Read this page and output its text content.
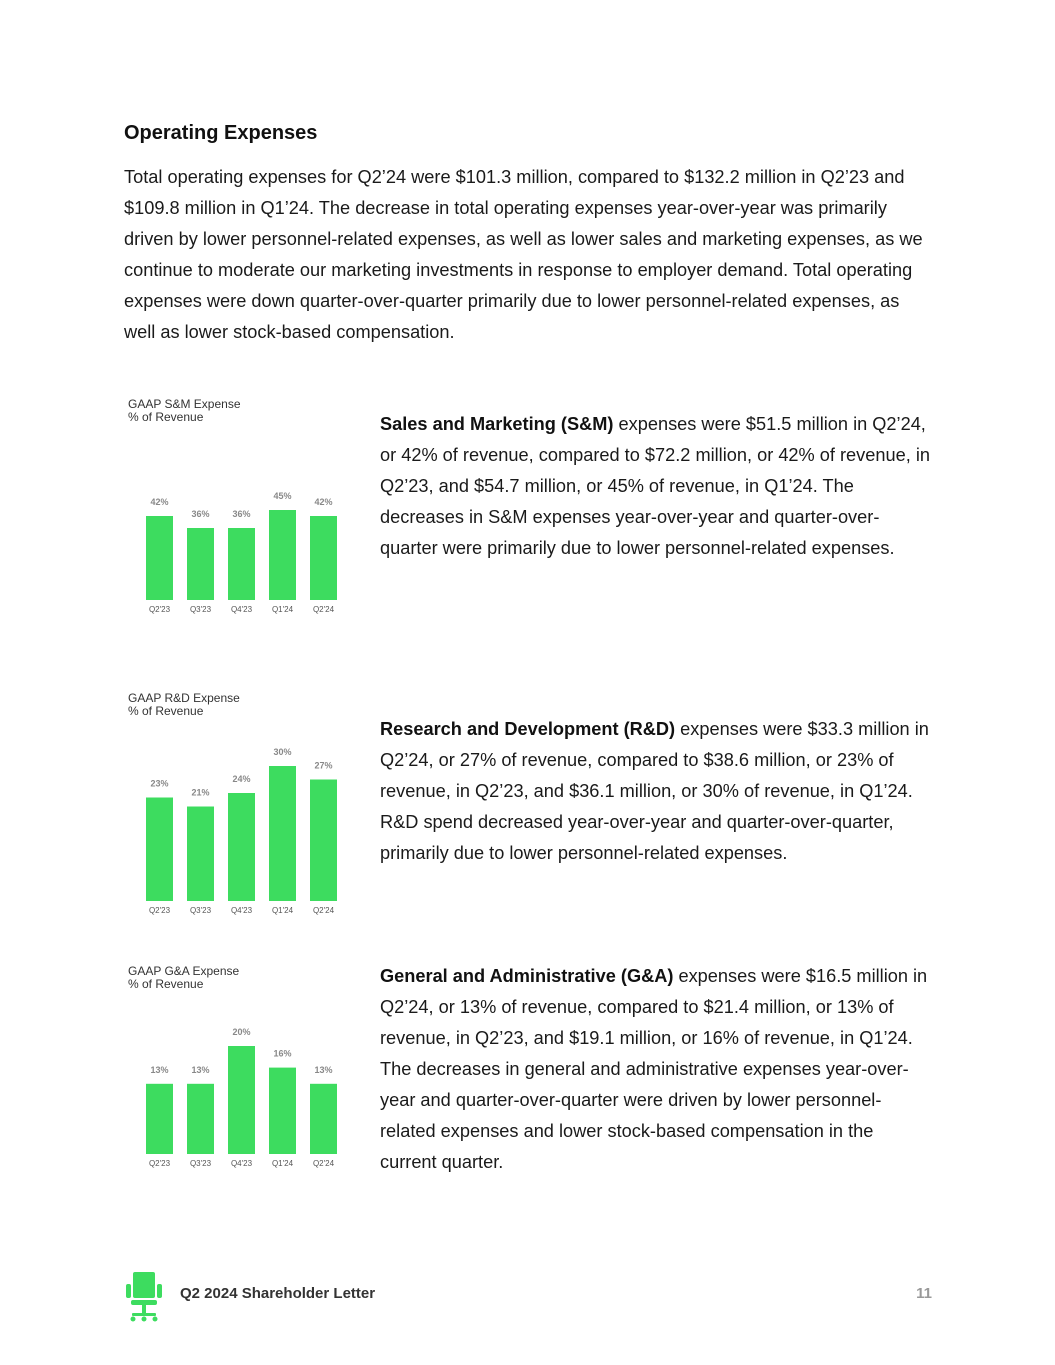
Operating Expenses

Total operating expenses for Q2’24 were $101.3 million, compared to $132.2 million in Q2’23 and $109.8 million in Q1’24. The decrease in total operating expenses year-over-year was primarily driven by lower personnel-related expenses, as well as lower sales and marketing expenses, as we continue to moderate our marketing investments in response to employer demand. Total operating expenses were down quarter-over-quarter primarily due to lower personnel-related expenses, as well as lower stock-based compensation.

GAAP S&M Expense
% of Revenue
42%
Q2'23
36%
Q3'23
36%
Q4'23
45%
Q1'24
42%
Q2'24

Sales and Marketing (S&M) expenses were $51.5 million in Q2’24, or 42% of revenue, compared to $72.2 million, or 42% of revenue, in Q2’23, and $54.7 million, or 45% of revenue, in Q1’24. The decreases in S&M expenses year-over-year and quarter-over-quarter were primarily due to lower personnel-related expenses.

GAAP R&D Expense
% of Revenue
23%
Q2'23
21%
Q3'23
24%
Q4'23
30%
Q1'24
27%
Q2'24

Research and Development (R&D) expenses were $33.3 million in Q2’24, or 27% of revenue, compared to $38.6 million, or 23% of revenue, in Q2’23, and $36.1 million, or 30% of revenue, in Q1’24. R&D spend decreased year-over-year and quarter-over-quarter, primarily due to lower personnel-related expenses.

GAAP G&A Expense
% of Revenue
13%
Q2'23
13%
Q3'23
20%
Q4'23
16%
Q1'24
13%
Q2'24

General and Administrative (G&A) expenses were $16.5 million in Q2’24, or 13% of revenue, compared to $21.4 million, or 13% of revenue, in Q2’23, and $19.1 million, or 16% of revenue, in Q1’24. The decreases in general and administrative expenses year-over-year and quarter-over-quarter were driven by lower personnel-related expenses and lower stock-based compensation in the current quarter.

Q2 2024 Shareholder Letter	11
